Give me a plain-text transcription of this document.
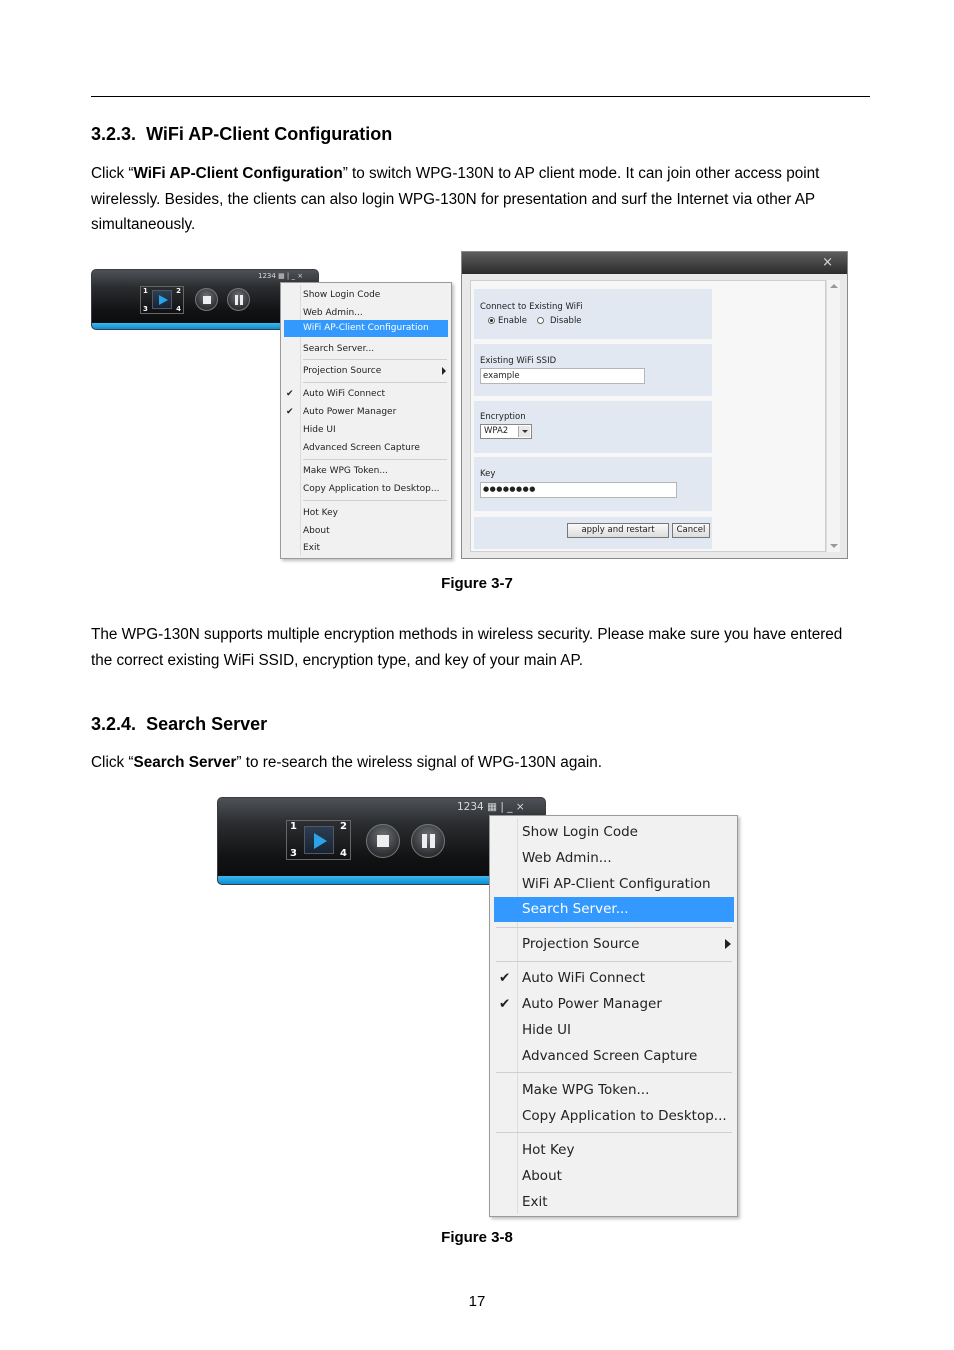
3.2.3. WiFi AP-Client Configuration
Click “WiFi AP-Client Configuration” to switch WPG-130N to AP client mode. It can join other access point wirelessly. Besides, the clients can also login WPG-130N for presentation and surf the Internet via other AP simultaneously.
1234 ▦ | _ ×
1	2
3	4
Show Login Code
Web Admin...
WiFi AP-Client Configuration
Search Server...
Projection Source
✔ Auto WiFi Connect
✔ Auto Power Manager
Hide UI
Advanced Screen Capture
Make WPG Token...
Copy Application to Desktop...
Hot Key
About
Exit
×
Connect to Existing WiFi
Enable	Disable
Existing WiFi SSID
example
Encryption
WPA2
Key
●●●●●●●●
apply and restart	Cancel
Figure 3-7
The WPG-130N supports multiple encryption methods in wireless security. Please make sure you have entered the correct existing WiFi SSID, encryption type, and key of your main AP.
3.2.4. Search Server
Click “Search Server” to re-search the wireless signal of WPG-130N again.
1234 ▦ | _ ×
1	2
3	4
Show Login Code
Web Admin...
WiFi AP-Client Configuration
Search Server...
Projection Source
✔ Auto WiFi Connect
✔ Auto Power Manager
Hide UI
Advanced Screen Capture
Make WPG Token...
Copy Application to Desktop...
Hot Key
About
Exit
Figure 3-8
17
